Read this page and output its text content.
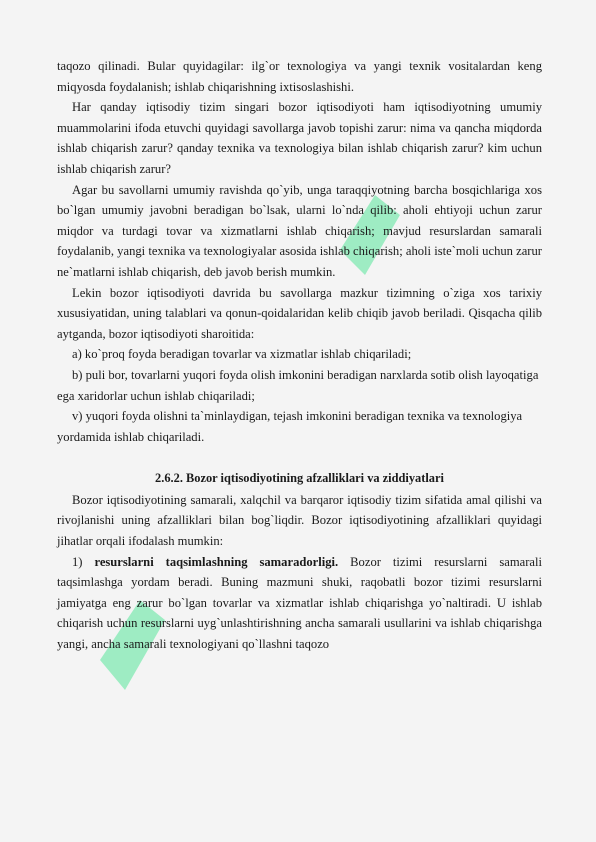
taqozo qilinadi. Bular quyidagilar: ilg`or texnologiya va yangi texnik vositalardan keng miqyosda foydalanish; ishlab chiqarishning ixtisoslashishi.

Har qanday iqtisodiy tizim singari bozor iqtisodiyoti ham iqtisodiyotning umumiy muammolarini ifoda etuvchi quyidagi savollarga javob topishi zarur: nima va qancha miqdorda ishlab chiqarish zarur? qanday texnika va texnologiya bilan ishlab chiqarish zarur? kim uchun ishlab chiqarish zarur?

Agar bu savollarni umumiy ravishda qo`yib, unga taraqqiyotning barcha bosqichlariga xos bo`lgan umumiy javobni beradigan bo`lsak, ularni lo`nda qilib: aholi ehtiyoji uchun zarur miqdor va turdagi tovar va xizmatlarni ishlab chiqarish; mavjud resurslardan samarali foydalanib, yangi texnika va texnologiyalar asosida ishlab chiqarish; aholi iste`moli uchun zarur ne`matlarni ishlab chiqarish, deb javob berish mumkin.

Lekin bozor iqtisodiyoti davrida bu savollarga mazkur tizimning o`ziga xos tarixiy xususiyatidan, uning talablari va qonun-qoidalaridan kelib chiqib javob beriladi. Qisqacha qilib aytganda, bozor iqtisodiyoti sharoitida:

a) ko`proq foyda beradigan tovarlar va xizmatlar ishlab chiqariladi;

b) puli bor, tovarlarni yuqori foyda olish imkonini beradigan narxlarda sotib olish layoqatiga ega xaridorlar uchun ishlab chiqariladi;

v) yuqori foyda olishni ta`minlaydigan, tejash imkonini beradigan texnika va texnologiya yordamida ishlab chiqariladi.

2.6.2. Bozor iqtisodiyotining afzalliklari va ziddiyatlari

Bozor iqtisodiyotining samarali, xalqchil va barqaror iqtisodiy tizim sifatida amal qilishi va rivojlanishi uning afzalliklari bilan bog`liqdir. Bozor iqtisodiyotining afzalliklari quyidagi jihatlar orqali ifodalash mumkin:

1) resurslarni taqsimlashning samaradorligi. Bozor tizimi resurslarni samarali taqsimlashga yordam beradi. Buning mazmuni shuki, raqobatli bozor tizimi resurslarni jamiyatga eng zarur bo`lgan tovarlar va xizmatlar ishlab chiqarishga yo`naltiradi. U ishlab chiqarish uchun resurslarni uyg`unlashtirishning ancha samarali usullarini va ishlab chiqarishga yangi, ancha samarali texnologiyani qo`llashni taqozo
